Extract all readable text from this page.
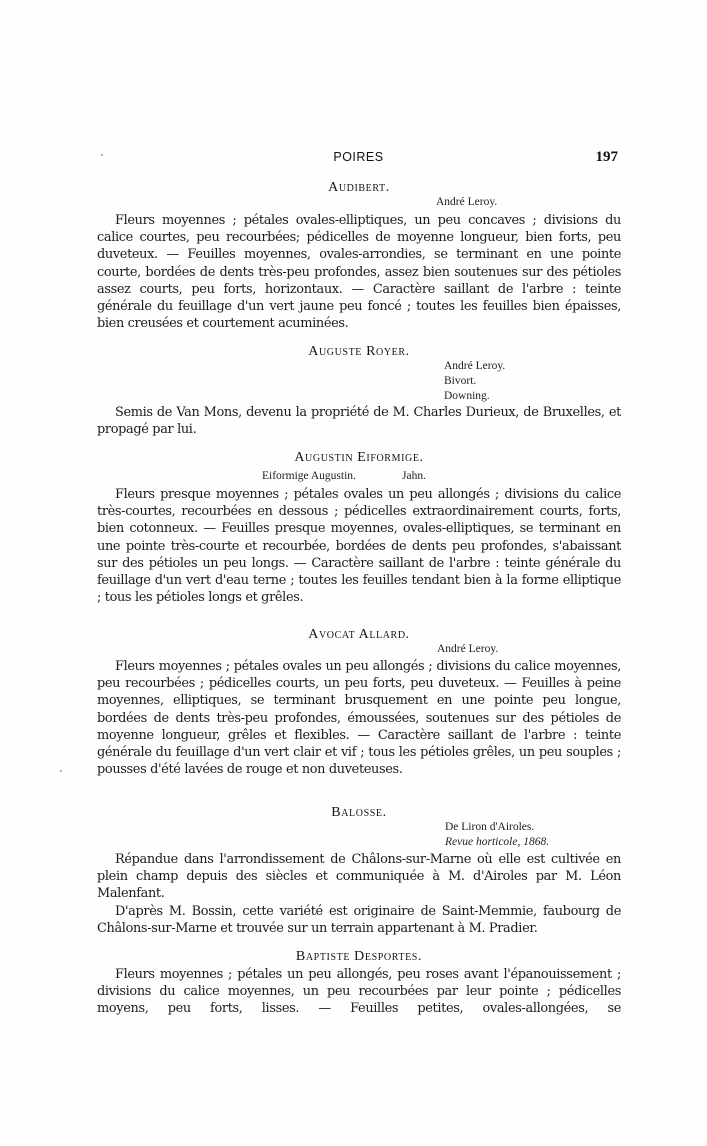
POIRES	197
Audibert.
André Leroy.

Fleurs moyennes ; pétales ovales-elliptiques, un peu concaves ; divisions du calice courtes, peu recourbées; pédicelles de moyenne longueur, bien forts, peu duveteux. — Feuilles moyennes, ovales-arrondies, se terminant en une pointe courte, bordées de dents très-peu profondes, assez bien soutenues sur des pétioles assez courts, peu forts, horizontaux. — Caractère saillant de l'arbre : teinte générale du feuillage d'un vert jaune peu foncé ; toutes les feuilles bien épaisses, bien creusées et courtement acuminées.

Auguste Royer.
André Leroy.
Bivort.
Downing.

Semis de Van Mons, devenu la propriété de M. Charles Durieux, de Bruxelles, et propagé par lui.

Augustin Eiformige.
Eiformige Augustin.	Jahn.

Fleurs presque moyennes ; pétales ovales un peu allongés ; divisions du calice très-courtes, recourbées en dessous ; pédicelles extraordinairement courts, forts, bien cotonneux. — Feuilles presque moyennes, ovales-elliptiques, se terminant en une pointe très-courte et recourbée, bordées de dents peu profondes, s'abaissant sur des pétioles un peu longs. — Caractère saillant de l'arbre : teinte générale du feuillage d'un vert d'eau terne ; toutes les feuilles tendant bien à la forme elliptique ; tous les pétioles longs et grêles.

Avocat Allard.
André Leroy.

Fleurs moyennes ; pétales ovales un peu allongés ; divisions du calice moyennes, peu recourbées ; pédicelles courts, un peu forts, peu duveteux. — Feuilles à peine moyennes, elliptiques, se terminant brusquement en une pointe peu longue, bordées de dents très-peu profondes, émoussées, soutenues sur des pétioles de moyenne longueur, grêles et flexibles. — Caractère saillant de l'arbre : teinte générale du feuillage d'un vert clair et vif ; tous les pétioles grêles, un peu souples ; pousses d'été lavées de rouge et non duveteuses.

Balosse.
De Liron d'Airoles.
Revue horticole, 1868.

Répandue dans l'arrondissement de Châlons-sur-Marne où elle est cultivée en plein champ depuis des siècles et communiquée à M. d'Airoles par M. Léon Malenfant.

D'après M. Bossin, cette variété est originaire de Saint-Memmie, faubourg de Châlons-sur-Marne et trouvée sur un terrain appartenant à M. Pradier.

Baptiste Desportes.

Fleurs moyennes ; pétales un peu allongés, peu roses avant l'épanouissement ; divisions du calice moyennes, un peu recourbées par leur pointe ; pédicelles moyens, peu forts, lisses. — Feuilles petites, ovales-allongées, se
